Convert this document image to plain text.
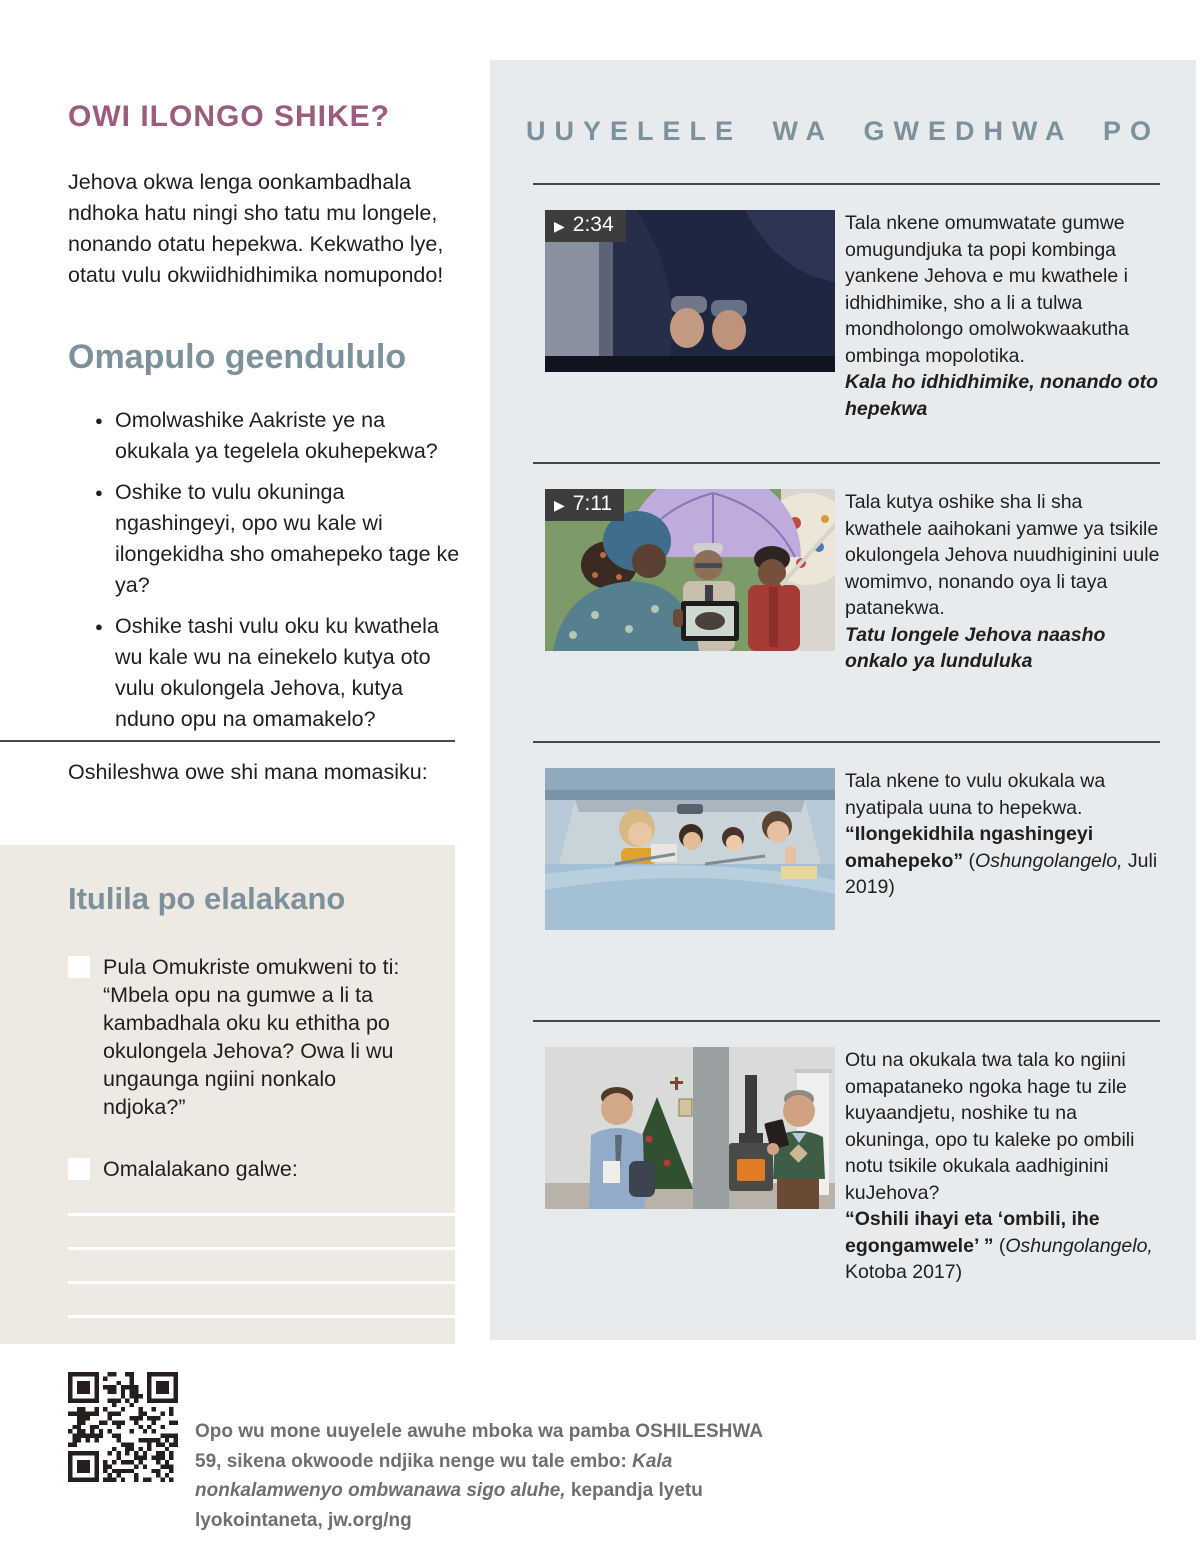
OWI ILONGO SHIKE?

Jehova okwa lenga oonkambadhala ndhoka hatu ningi sho tatu mu longele, nonando otatu hepekwa. Kekwatho lye, otatu vulu okwiidhidhimika nomupondo!

Omapulo geendululo
● Omolwashike Aakriste ye na okukala ya tegelela okuhepekwa?
● Oshike to vulu okuninga ngashingeyi, opo wu kale wi ilongekidha sho omahepeko tage ke ya?
● Oshike tashi vulu oku ku kwathela wu kale wu na einekelo kutya oto vulu okulongela Jehova, kutya nduno opu na omamakelo?
Oshileshwa owe shi mana momasiku:
Itulila po elalakano
Pula Omukriste omukweni to ti: “Mbela opu na gumwe a li ta kambadhala oku ku ethitha po okulongela Jehova? Owa li wu ungaunga ngiini nonkalo ndjoka?”
Omalalakano galwe:
UUYELELE WA GWEDHWA PO
▶ 2:34	Tala nkene omumwatate gumwe omugundjuka ta popi kombinga yankene Jehova e mu kwathele i idhidhimike, sho a li a tulwa mondholongo omolwokwaakutha ombinga mopolotika.

Kala ho idhidhimike, nonando oto hepekwa

▶ 7:11	Tala kutya oshike sha li sha kwathele aaihokani yamwe ya tsikile okulongela Jehova nuudhiginini uule womimvo, nonando oya li taya patanekwa.

Tatu longele Jehova naasho onkalo ya lunduluka

Tala nkene to vulu okukala wa nyatipala uuna to hepekwa.

“Ilongekidhila ngashingeyi omahepeko” (Oshungolangelo, Juli 2019)

Otu na okukala twa tala ko ngiini omapataneko ngoka hage tu zile kuyaandjetu, noshike tu na okuninga, opo tu kaleke po ombili notu tsikile okukala aadhiginini kuJehova?

“Oshili ihayi eta ‘ombili, ihe egongamwele’ ” (Oshungolangelo, Kotoba 2017)

Opo wu mone uuyelele awuhe mboka wa pamba OSHILESHWA 59, sikena okwoode ndjika nenge wu tale embo: Kala nonkalamwenyo ombwanawa sigo aluhe, kepandja lyetu lyokointaneta, jw.org/ng
